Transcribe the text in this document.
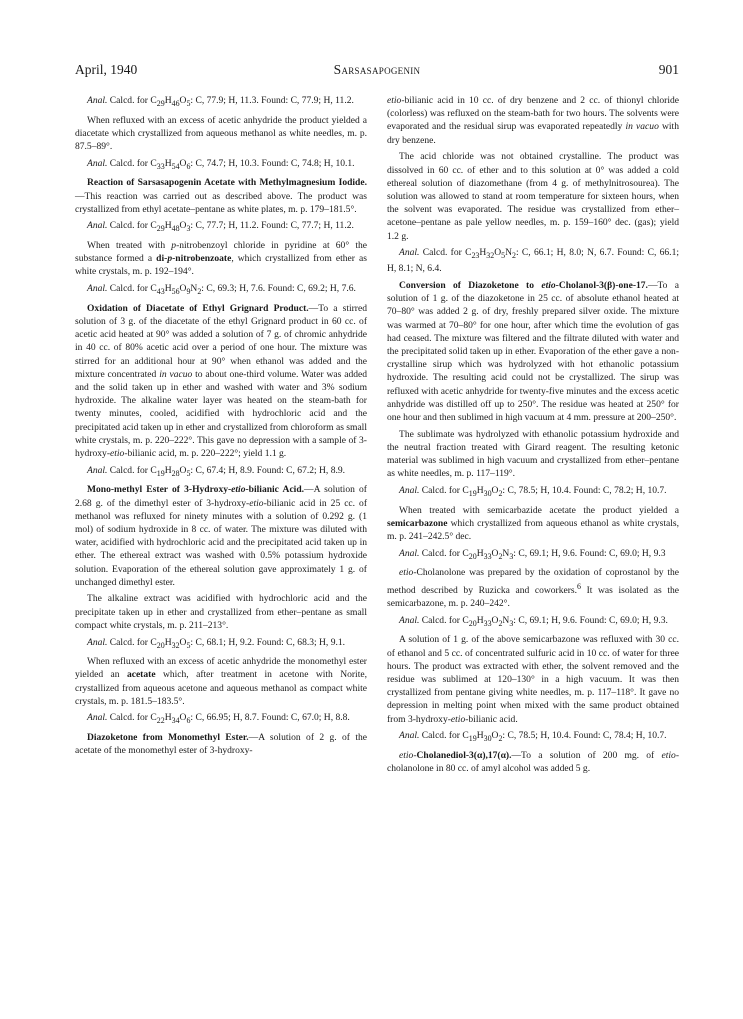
April, 1940	Sarsasapogenin	901

Anal. Calcd. for $C_{29}H_{46}O_5$: C, 77.9; H, 11.3. Found: C, 77.9; H, 11.2.

When refluxed with an excess of acetic anhydride the product yielded a diacetate which crystallized from aqueous methanol as white needles, m. p. 87.5–89°.

Anal. Calcd. for $C_{33}H_{54}O_6$: C, 74.7; H, 10.3. Found: C, 74.8; H, 10.1.

Reaction of Sarsasapogenin Acetate with Methylmagnesium Iodide.—This reaction was carried out as described above. The product was crystallized from ethyl acetate–pentane as white plates, m. p. 179–181.5°.

Anal. Calcd. for $C_{29}H_{48}O_3$: C, 77.7; H, 11.2. Found: C, 77.7; H, 11.2.

When treated with p-nitrobenzoyl chloride in pyridine at 60° the substance formed a di-p-nitrobenzoate, which crystallized from ether as white crystals, m. p. 192–194°.

Anal. Calcd. for $C_{43}H_{56}O_9N_2$: C, 69.3; H, 7.6. Found: C, 69.2; H, 7.6.

Oxidation of Diacetate of Ethyl Grignard Product.—To a stirred solution of 3 g. of the diacetate of the ethyl Grignard product in 60 cc. of acetic acid heated at 90° was added a solution of 7 g. of chromic anhydride in 40 cc. of 80% acetic acid over a period of one hour. The mixture was stirred for an additional hour at 90° when ethanol was added and the mixture concentrated in vacuo to about one-third volume. Water was added and the solid taken up in ether and washed with water and 3% sodium hydroxide. The alkaline water layer was heated on the steam-bath for twenty minutes, cooled, acidified with hydrochloric acid and the precipitated acid taken up in ether and crystallized from chloroform as small white crystals, m. p. 220–222°. This gave no depression with a sample of 3-hydroxy-etio-bilianic acid, m. p. 220–222°; yield 1.1 g.

Anal. Calcd. for $C_{19}H_{28}O_5$: C, 67.4; H, 8.9. Found: C, 67.2; H, 8.9.

Mono-methyl Ester of 3-Hydroxy-etio-bilianic Acid.—A solution of 2.68 g. of the dimethyl ester of 3-hydroxy-etio-bilianic acid in 25 cc. of methanol was refluxed for ninety minutes with a solution of 0.292 g. (1 mol) of sodium hydroxide in 8 cc. of water. The mixture was diluted with water, acidified with hydrochloric acid and the precipitated acid taken up in ether. The ethereal extract was washed with 0.5% potassium hydroxide solution. Evaporation of the ethereal solution gave approximately 1 g. of unchanged dimethyl ester.

The alkaline extract was acidified with hydrochloric acid and the precipitate taken up in ether and crystallized from ether–pentane as small compact white crystals, m. p. 211–213°.

Anal. Calcd. for $C_{20}H_{32}O_5$: C, 68.1; H, 9.2. Found: C, 68.3; H, 9.1.

When refluxed with an excess of acetic anhydride the monomethyl ester yielded an acetate which, after treatment in acetone with Norite, crystallized from aqueous acetone and aqueous methanol as compact white crystals, m. p. 181.5–183.5°.

Anal. Calcd. for $C_{22}H_{34}O_6$: C, 66.95; H, 8.7. Found: C, 67.0; H, 8.8.

Diazoketone from Monomethyl Ester.—A solution of 2 g. of the acetate of the monomethyl ester of 3-hydroxy-

etio-bilianic acid in 10 cc. of dry benzene and 2 cc. of thionyl chloride (colorless) was refluxed on the steam-bath for two hours. The solvents were evaporated and the residual sirup was evaporated repeatedly in vacuo with dry benzene.

The acid chloride was not obtained crystalline. The product was dissolved in 60 cc. of ether and to this solution at 0° was added a cold ethereal solution of diazomethane (from 4 g. of methylnitrosourea). The solution was allowed to stand at room temperature for sixteen hours, when the solvent was evaporated. The residue was crystallized from ether–acetone–pentane as pale yellow needles, m. p. 159–160° dec. (gas); yield 1.2 g.

Anal. Calcd. for $C_{23}H_{32}O_5N_2$: C, 66.1; H, 8.0; N, 6.7. Found: C, 66.1; H, 8.1; N, 6.4.

Conversion of Diazoketone to etio-Cholanol-3(β)-one-17.—To a solution of 1 g. of the diazoketone in 25 cc. of absolute ethanol heated at 70–80° was added 2 g. of dry, freshly prepared silver oxide. The mixture was warmed at 70–80° for one hour, after which time the evolution of gas had ceased. The mixture was filtered and the filtrate diluted with water and the precipitated solid taken up in ether. Evaporation of the ether gave a non-crystalline sirup which was hydrolyzed with hot ethanolic potassium hydroxide. The resulting acid could not be crystallized. The sirup was refluxed with acetic anhydride for twenty-five minutes and the excess acetic anhydride was distilled off up to 250°. The residue was heated at 250° for one hour and then sublimed in high vacuum at 4 mm. pressure at 200–250°.

The sublimate was hydrolyzed with ethanolic potassium hydroxide and the neutral fraction treated with Girard reagent. The resulting ketonic material was sublimed in high vacuum and crystallized from ether–pentane as white needles, m. p. 117–119°.

Anal. Calcd. for $C_{19}H_{30}O_2$: C, 78.5; H, 10.4. Found: C, 78.2; H, 10.7.

When treated with semicarbazide acetate the product yielded a semicarbazone which crystallized from aqueous ethanol as white crystals, m. p. 241–242.5° dec.

Anal. Calcd. for $C_{20}H_{33}O_2N_3$: C, 69.1; H, 9.6. Found: C, 69.0; H, 9.3

etio-Cholanolone was prepared by the oxidation of coprostanol by the method described by Ruzicka and coworkers.$^6$ It was isolated as the semicarbazone, m. p. 240–242°.

Anal. Calcd. for $C_{20}H_{33}O_2N_3$: C, 69.1; H, 9.6. Found: C, 69.0; H, 9.3.

A solution of 1 g. of the above semicarbazone was refluxed with 30 cc. of ethanol and 5 cc. of concentrated sulfuric acid in 10 cc. of water for three hours. The product was extracted with ether, the solvent removed and the residue was sublimed at 120–130° in a high vacuum. It was then crystallized from pentane giving white needles, m. p. 117–118°. It gave no depression in melting point when mixed with the same product obtained from 3-hydroxy-etio-bilianic acid.

Anal. Calcd. for $C_{19}H_{30}O_2$: C, 78.5; H, 10.4. Found: C, 78.4; H, 10.7.

etio-Cholanediol-3(α),17(α).—To a solution of 200 mg. of etio-cholanolone in 80 cc. of amyl alcohol was added 5 g.
